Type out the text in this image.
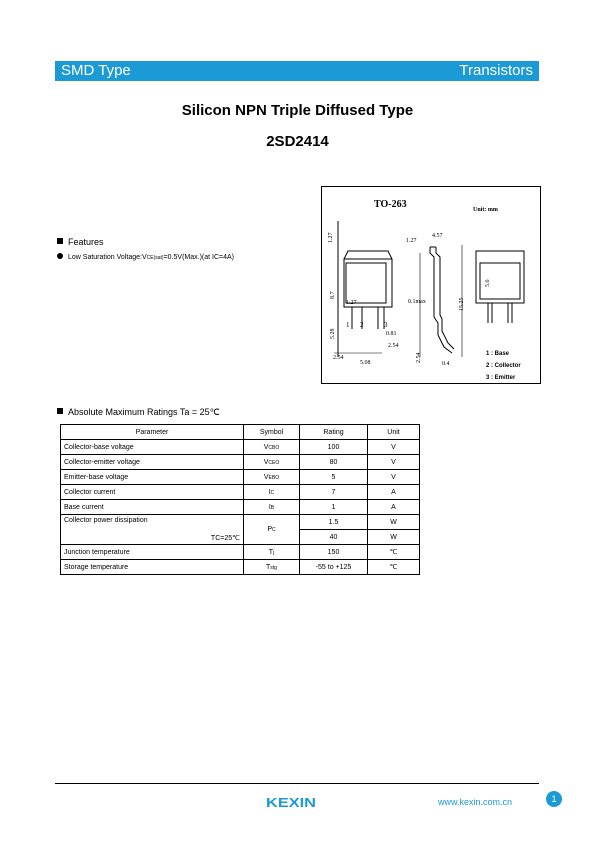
SMD Type	Transistors
Silicon NPN Triple Diffused Type
2SD2414
TO-263	Unit: mm
1.27
1.27
8.7
5.28
1 2	3
0.81
2.54
2.54
5.08
1.27
4.57
0.1max	15.25
2.54
0.4
5.6
1 : Base
2 : Collector
3 : Emitter
Features
Low Saturation Voltage:VCE(sat)=0.5V(Max.)(at IC=4A)
Absolute Maximum Ratings Ta = 25℃
Parameter	Symbol	Rating	Unit
Collector-base voltage	VCBO	100	V
Collector-emitter voltage	VCEO	80	V
Emitter-base voltage	VEBO	5	V
Collector current	IC	7	A
Base current	IB	1	A

Collector power dissipation
TC=25℃	PC	1.5	W
		40	W
Junction temperature	Tj	150	℃
Storage temperature	Tstg	-55 to +125	℃
KEXIN	www.kexin.com.cn	1
